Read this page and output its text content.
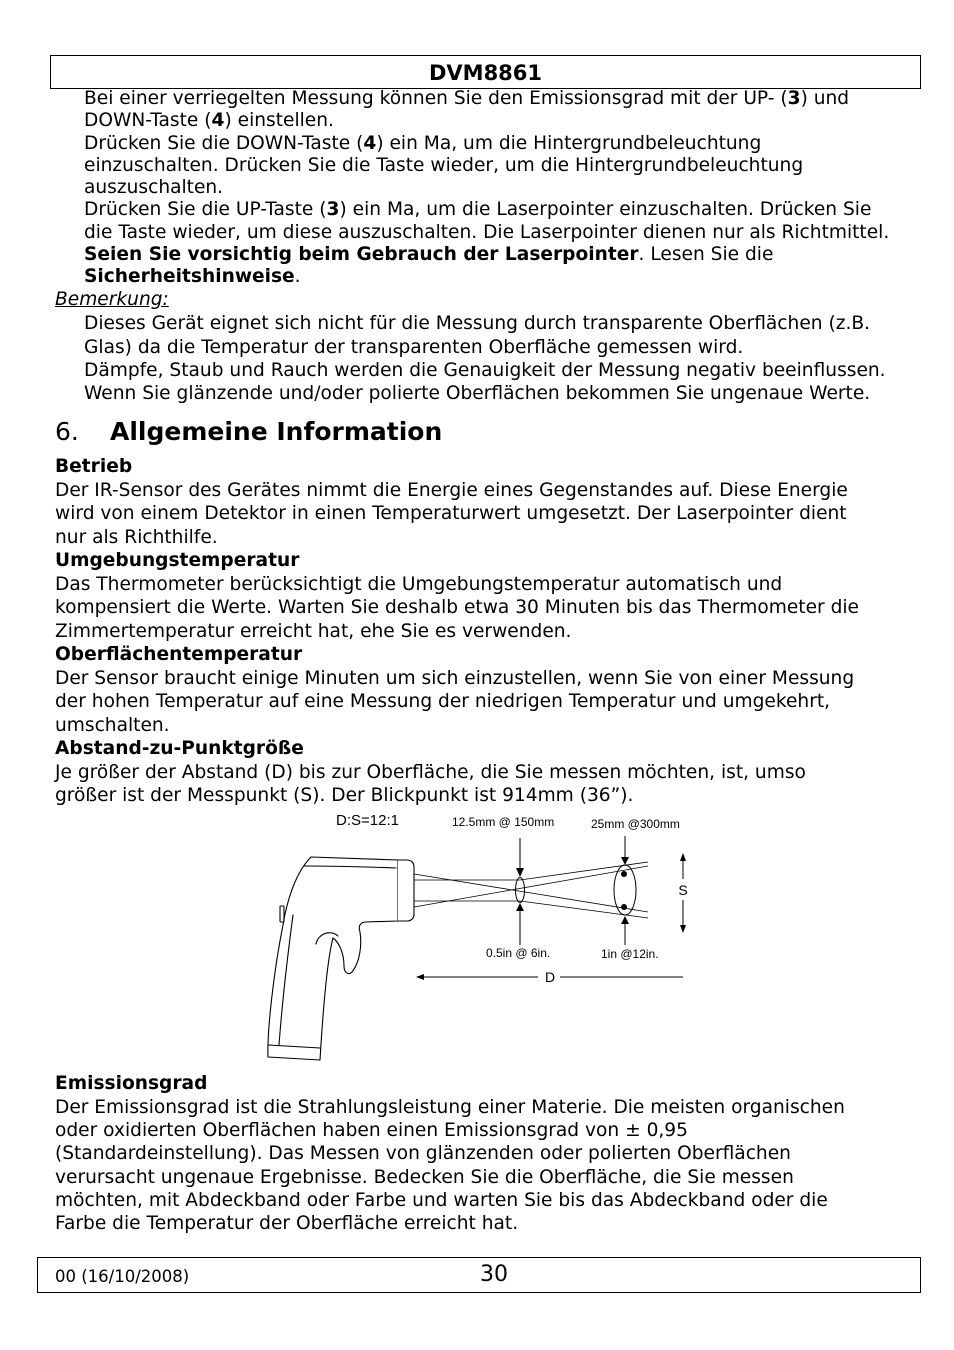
DVM8861
Bei einer verriegelten Messung können Sie den Emissionsgrad mit der UP- (3) und
DOWN-Taste (4) einstellen.
Drücken Sie die DOWN-Taste (4) ein Ma, um die Hintergrundbeleuchtung
einzuschalten. Drücken Sie die Taste wieder, um die Hintergrundbeleuchtung
auszuschalten.
Drücken Sie die UP-Taste (3) ein Ma, um die Laserpointer einzuschalten. Drücken Sie
die Taste wieder, um diese auszuschalten. Die Laserpointer dienen nur als Richtmittel.
Seien Sie vorsichtig beim Gebrauch der Laserpointer. Lesen Sie die
Sicherheitshinweise.
Bemerkung:
Dieses Gerät eignet sich nicht für die Messung durch transparente Oberflächen (z.B.
Glas) da die Temperatur der transparenten Oberfläche gemessen wird.
Dämpfe, Staub und Rauch werden die Genauigkeit der Messung negativ beeinflussen.
Wenn Sie glänzende und/oder polierte Oberflächen bekommen Sie ungenaue Werte.
6. Allgemeine Information
Betrieb
Der IR-Sensor des Gerätes nimmt die Energie eines Gegenstandes auf. Diese Energie
wird von einem Detektor in einen Temperaturwert umgesetzt. Der Laserpointer dient
nur als Richthilfe.
Umgebungstemperatur
Das Thermometer berücksichtigt die Umgebungstemperatur automatisch und
kompensiert die Werte. Warten Sie deshalb etwa 30 Minuten bis das Thermometer die
Zimmertemperatur erreicht hat, ehe Sie es verwenden.
Oberflächentemperatur
Der Sensor braucht einige Minuten um sich einzustellen, wenn Sie von einer Messung
der hohen Temperatur auf eine Messung der niedrigen Temperatur und umgekehrt,
umschalten.
Abstand-zu-Punktgröße
Je größer der Abstand (D) bis zur Oberfläche, die Sie messen möchten, ist, umso
größer ist der Messpunkt (S). Der Blickpunkt ist 914mm (36”).
D:S=12:1	12.5mm @ 150mm	25mm @300mm
0.5in @ 6in.	1in @12in.
D
S
Emissionsgrad
Der Emissionsgrad ist die Strahlungsleistung einer Materie. Die meisten organischen
oder oxidierten Oberflächen haben einen Emissionsgrad von ± 0,95
(Standardeinstellung). Das Messen von glänzenden oder polierten Oberflächen
verursacht ungenaue Ergebnisse. Bedecken Sie die Oberfläche, die Sie messen
möchten, mit Abdeckband oder Farbe und warten Sie bis das Abdeckband oder die
Farbe die Temperatur der Oberfläche erreicht hat.
00 (16/10/2008)	30
